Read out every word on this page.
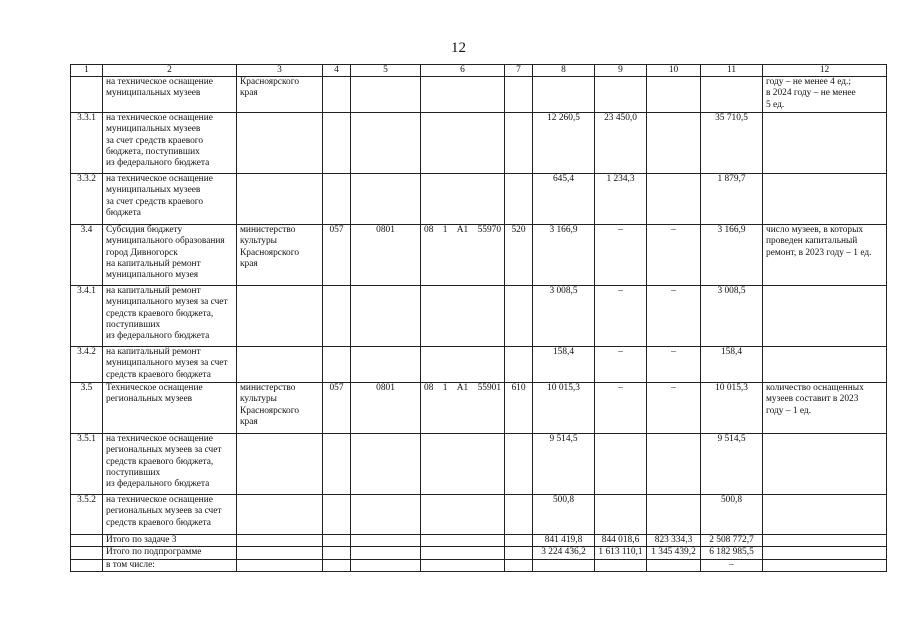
12
1	2	3	4	5	6	7	8	9	10	11	12
	на техническое оснащение
муниципальных музеев	Красноярского
края									году – не менее 4 ед.;
в 2024 году – не менее
5 ед.
3.3.1	на техническое оснащение
муниципальных музеев
за счет средств краевого
бюджета, поступивших
из федерального бюджета						12 260,5	23 450,0		35 710,5	
3.3.2	на техническое оснащение
муниципальных музеев
за счет средств краевого
бюджета						645,4	1 234,3		1 879,7	
3.4	Субсидия бюджету
муниципального образования
город Дивногорск
на капитальный ремонт
муниципального музея	министерство
культуры
Красноярского
края	057	0801	08 1 A1 55970	520	3 166,9	–	–	3 166,9	число музеев, в которых
проведен капитальный
ремонт, в 2023 году – 1 ед.
3.4.1	на капитальный ремонт
муниципального музея за счет
средств краевого бюджета,
поступивших
из федерального бюджета						3 008,5	–	–	3 008,5	
3.4.2	на капитальный ремонт
муниципального музея за счет
средств краевого бюджета						158,4	–	–	158,4	
3.5	Техническое оснащение
региональных музеев	министерство
культуры
Красноярского
края	057	0801	08 1 A1 55901	610	10 015,3	–	–	10 015,3	количество оснащенных
музеев составит в 2023
году – 1 ед.
3.5.1	на техническое оснащение
региональных музеев за счет
средств краевого бюджета,
поступивших
из федерального бюджета						9 514,5			9 514,5	
3.5.2	на техническое оснащение
региональных музеев за счет
средств краевого бюджета						500,8			500,8	
	Итого по задаче 3						841 419,8	844 018,6	823 334,3	2 508 772,7	
	Итого по подпрограмме						3 224 436,2	1 613 110,1	1 345 439,2	6 182 985,5	
	в том числе:									–	
